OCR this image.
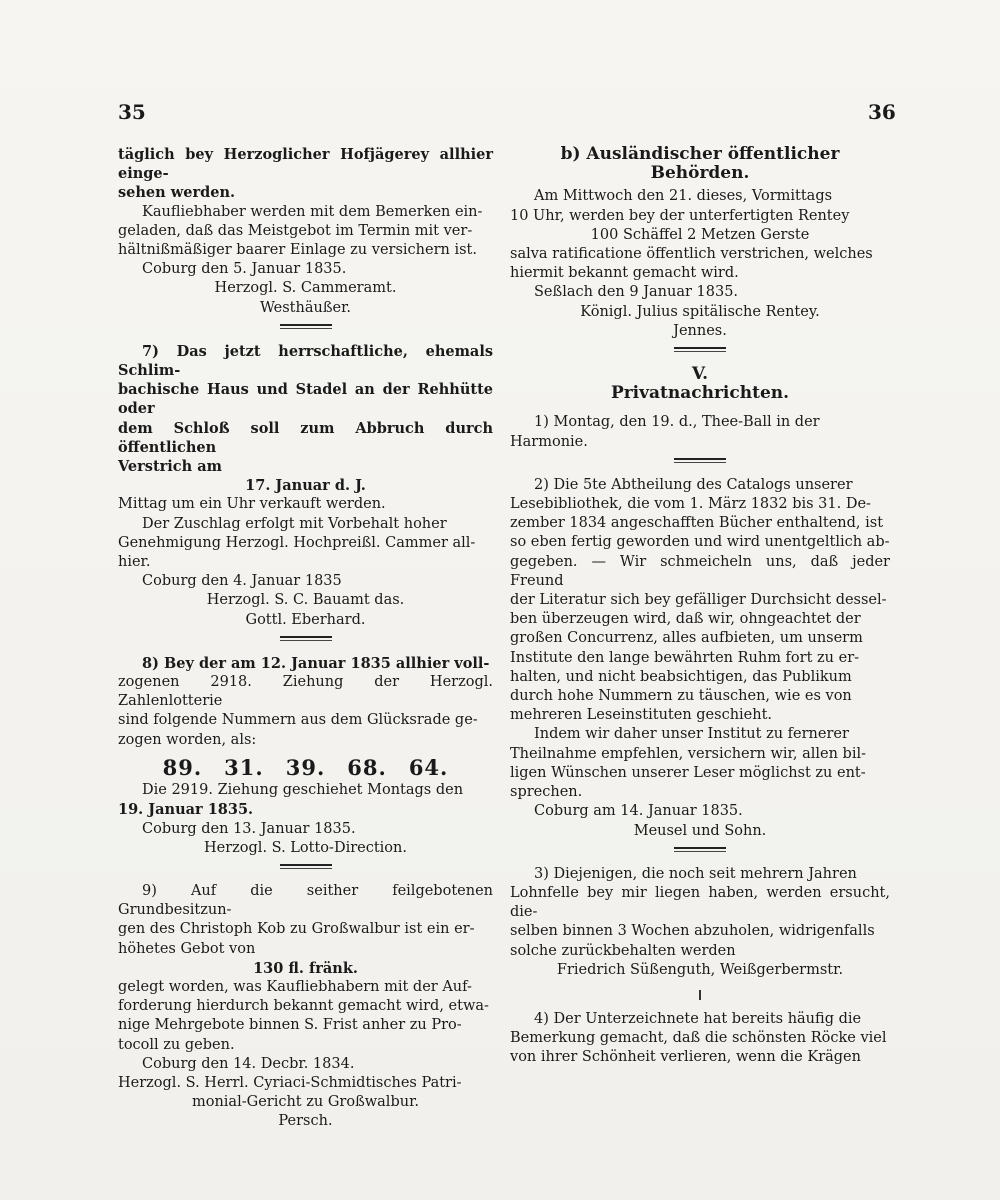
35	36

täglich bey Herzoglicher Hofjägerey allhier einge-

sehen werden.

Kaufliebhaber werden mit dem Bemerken ein-

geladen, daß das Meistgebot im Termin mit ver-

hältnißmäßiger baarer Einlage zu versichern ist.

Coburg den 5. Januar 1835.

Herzogl. S. Cammeramt.

Westhäußer.

7) Das jetzt herrschaftliche, ehemals Schlim-

bachische Haus und Stadel an der Rehhütte oder

dem Schloß soll zum Abbruch durch öffentlichen

Verstrich am

17. Januar d. J.

Mittag um ein Uhr verkauft werden.

Der Zuschlag erfolgt mit Vorbehalt hoher

Genehmigung Herzogl. Hochpreißl. Cammer all-

hier.

Coburg den 4. Januar 1835

Herzogl. S. C. Bauamt das.

Gottl. Eberhard.

8) Bey der am 12. Januar 1835 allhier voll-

zogenen 2918. Ziehung der Herzogl. Zahlenlotterie

sind folgende Nummern aus dem Glücksrade ge-

zogen worden, als:

89. 31. 39. 68. 64.

Die 2919. Ziehung geschiehet Montags den

19. Januar 1835.

Coburg den 13. Januar 1835.

Herzogl. S. Lotto-Direction.

9) Auf die seither feilgebotenen Grundbesitzun-

gen des Christoph Kob zu Großwalbur ist ein er-

höhetes Gebot von

130 fl. fränk.

gelegt worden, was Kaufliebhabern mit der Auf-

forderung hierdurch bekannt gemacht wird, etwa-

nige Mehrgebote binnen S. Frist anher zu Pro-

tocoll zu geben.

Coburg den 14. Decbr. 1834.

Herzogl. S. Herrl. Cyriaci-Schmidtisches Patri-

monial-Gericht zu Großwalbur.

Persch.

b) Ausländischer öffentlicher Behörden.

Am Mittwoch den 21. dieses, Vormittags

10 Uhr, werden bey der unterfertigten Rentey

100 Schäffel 2 Metzen Gerste

salva ratificatione öffentlich verstrichen, welches

hiermit bekannt gemacht wird.

Seßlach den 9 Januar 1835.

Königl. Julius spitälische Rentey.

Jennes.

V.

Privatnachrichten.

1) Montag, den 19. d., Thee-Ball in der

Harmonie.

2) Die 5te Abtheilung des Catalogs unserer

Lesebibliothek, die vom 1. März 1832 bis 31. De-

zember 1834 angeschafften Bücher enthaltend, ist

so eben fertig geworden und wird unentgeltlich ab-

gegeben. — Wir schmeicheln uns, daß jeder Freund

der Literatur sich bey gefälliger Durchsicht dessel-

ben überzeugen wird, daß wir, ohngeachtet der

großen Concurrenz, alles aufbieten, um unserm

Institute den lange bewährten Ruhm fort zu er-

halten, und nicht beabsichtigen, das Publikum

durch hohe Nummern zu täuschen, wie es von

mehreren Leseinstituten geschieht.

Indem wir daher unser Institut zu fernerer

Theilnahme empfehlen, versichern wir, allen bil-

ligen Wünschen unserer Leser möglichst zu ent-

sprechen.

Coburg am 14. Januar 1835.

Meusel und Sohn.

3) Diejenigen, die noch seit mehrern Jahren

Lohnfelle bey mir liegen haben, werden ersucht, die-

selben binnen 3 Wochen abzuholen, widrigenfalls

solche zurückbehalten werden

Friedrich Süßenguth, Weißgerbermstr.

4) Der Unterzeichnete hat bereits häufig die

Bemerkung gemacht, daß die schönsten Röcke viel

von ihrer Schönheit verlieren, wenn die Krägen
